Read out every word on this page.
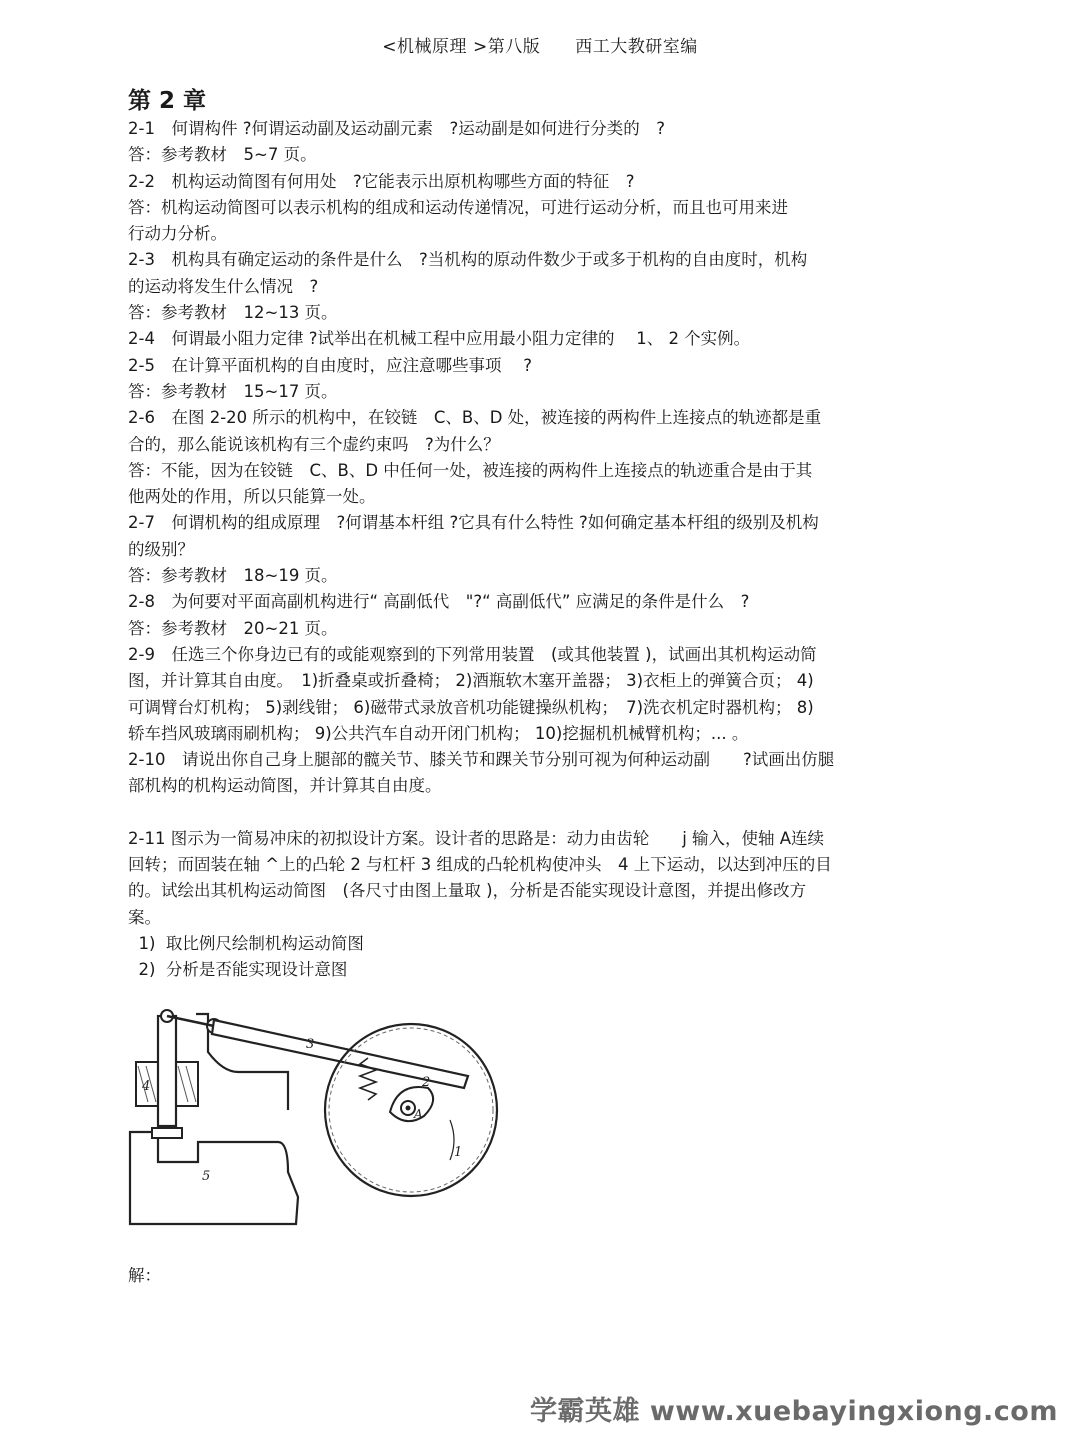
<机械原理 >第八版　　西工大教研室编
第 2 章
2-1　何谓构件 ?何谓运动副及运动副元素　?运动副是如何进行分类的　?
答：参考教材　5~7 页。
2-2　机构运动简图有何用处　?它能表示出原机构哪些方面的特征　?
答：机构运动简图可以表示机构的组成和运动传递情况，可进行运动分析，而且也可用来进
行动力分析。
2-3　机构具有确定运动的条件是什么　?当机构的原动件数少于或多于机构的自由度时，机构
的运动将发生什么情况　?
答：参考教材　12~13 页。
2-4　何谓最小阻力定律 ?试举出在机械工程中应用最小阻力定律的　 1、 2 个实例。
2-5　在计算平面机构的自由度时，应注意哪些事项　 ?
答：参考教材　15~17 页。
2-6　在图 2-20 所示的机构中，在铰链　C、B、D 处，被连接的两构件上连接点的轨迹都是重
合的，那么能说该机构有三个虚约束吗　?为什么？
答：不能，因为在铰链　C、B、D 中任何一处，被连接的两构件上连接点的轨迹重合是由于其
他两处的作用，所以只能算一处。
2-7　何谓机构的组成原理　?何谓基本杆组 ?它具有什么特性 ?如何确定基本杆组的级别及机构
的级别？
答：参考教材　18~19 页。
2-8　为何要对平面高副机构进行“ 高副低代　"?“ 高副低代” 应满足的条件是什么　?
答：参考教材　20~21 页。
2-9　任选三个你身边已有的或能观察到的下列常用装置　(或其他装置 )，试画出其机构运动简
图，并计算其自由度。　1)折叠桌或折叠椅； 2)酒瓶软木塞开盖器； 3)衣柜上的弹簧合页； 4)
可调臂台灯机构； 5)剥线钳； 6)磁带式录放音机功能键操纵机构；　7)洗衣机定时器机构； 8)
轿车挡风玻璃雨刷机构； 9)公共汽车自动开闭门机构； 10)挖掘机机械臂机构；... 。
2-10　请说出你自己身上腿部的髋关节、膝关节和踝关节分别可视为何种运动副　　?试画出仿腿
部机构的机构运动简图，并计算其自由度。
2-11 图示为一简易冲床的初拟设计方案。设计者的思路是：动力由齿轮　　j 输入，使轴 A连续
回转；而固装在轴 ^上的凸轮 2 与杠杆 3 组成的凸轮机构使冲头　4 上下运动，以达到冲压的目
的。试绘出其机构运动简图　(各尺寸由图上量取 )，分析是否能实现设计意图，并提出修改方
案。
1)  取比例尺绘制机构运动简图
2)  分析是否能实现设计意图
3
4	2
A
1
5
解：
学霸英雄 www.xuebayingxiong.com
